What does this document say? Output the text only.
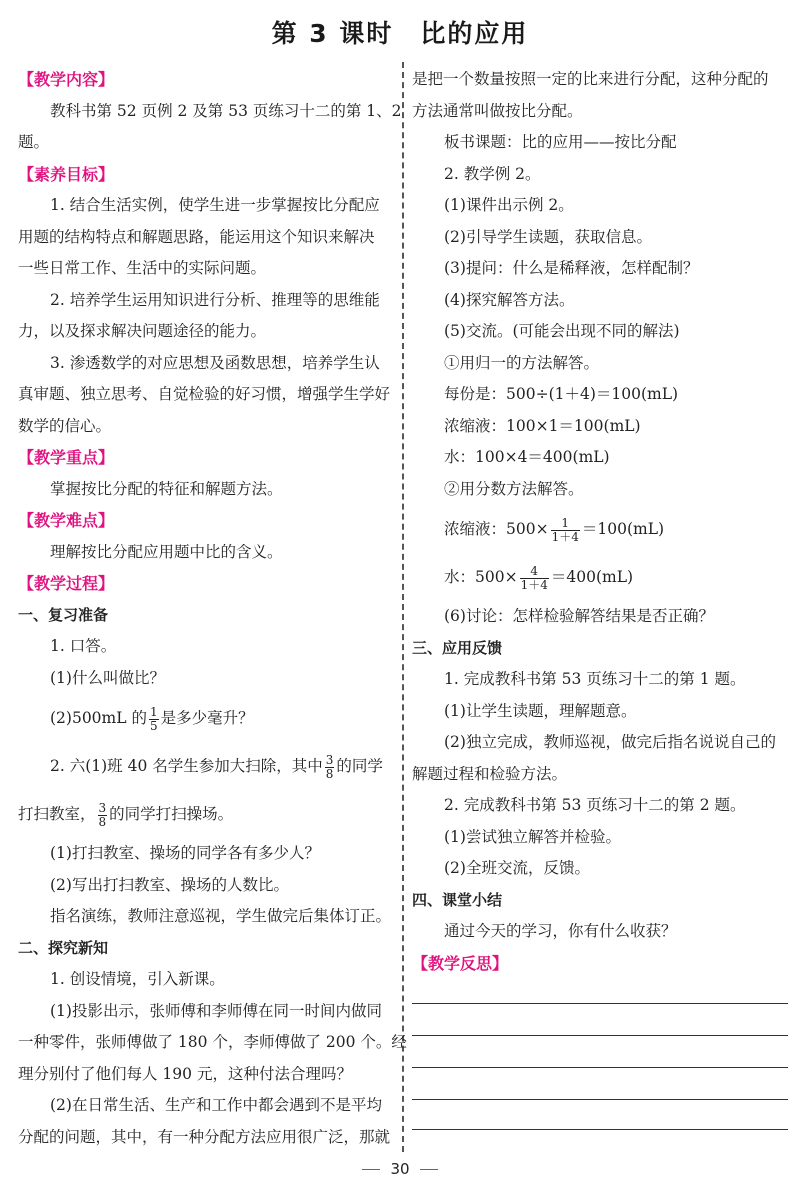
第 3 课时　比的应用
【教学内容】
教科书第 52 页例 2 及第 53 页练习十二的第 1、2
题。
【素养目标】
1. 结合生活实例，使学生进一步掌握按比分配应
用题的结构特点和解题思路，能运用这个知识来解决
一些日常工作、生活中的实际问题。
2. 培养学生运用知识进行分析、推理等的思维能
力，以及探求解决问题途径的能力。
3. 渗透数学的对应思想及函数思想，培养学生认
真审题、独立思考、自觉检验的好习惯，增强学生学好
数学的信心。
【教学重点】
掌握按比分配的特征和解题方法。
【教学难点】
理解按比分配应用题中比的含义。
【教学过程】
一、复习准备
1. 口答。
(1)什么叫做比？
(2)500mL 的 $\frac{1}{5}$ 是多少毫升？
2. 六(1)班 40 名学生参加大扫除，其中 $\frac{3}{8}$ 的同学
打扫教室， $\frac{3}{8}$ 的同学打扫操场。
(1)打扫教室、操场的同学各有多少人？
(2)写出打扫教室、操场的人数比。
指名演练，教师注意巡视，学生做完后集体订正。
二、探究新知
1. 创设情境，引入新课。
(1)投影出示，张师傅和李师傅在同一时间内做同
一种零件，张师傅做了 180 个，李师傅做了 200 个。经
理分别付了他们每人 190 元，这种付法合理吗？
(2)在日常生活、生产和工作中都会遇到不是平均
分配的问题，其中，有一种分配方法应用很广泛，那就
是把一个数量按照一定的比来进行分配，这种分配的
方法通常叫做按比分配。
板书课题：比的应用——按比分配
2. 教学例 2。
(1)课件出示例 2。
(2)引导学生读题，获取信息。
(3)提问：什么是稀释液，怎样配制？
(4)探究解答方法。
(5)交流。(可能会出现不同的解法)
①用归一的方法解答。
每份是：500÷(1＋4)＝100(mL)
浓缩液：100×1＝100(mL)
水：100×4＝400(mL)
②用分数方法解答。
浓缩液：$500\times \frac{1}{1+4} =100(mL)$
水：$500\times \frac{4}{1+4} =400(mL)$
(6)讨论：怎样检验解答结果是否正确？
三、应用反馈
1. 完成教科书第 53 页练习十二的第 1 题。
(1)让学生读题，理解题意。
(2)独立完成，教师巡视，做完后指名说说自己的
解题过程和检验方法。
2. 完成教科书第 53 页练习十二的第 2 题。
(1)尝试独立解答并检验。
(2)全班交流，反馈。
四、课堂小结
通过今天的学习，你有什么收获？
【教学反思】
30
